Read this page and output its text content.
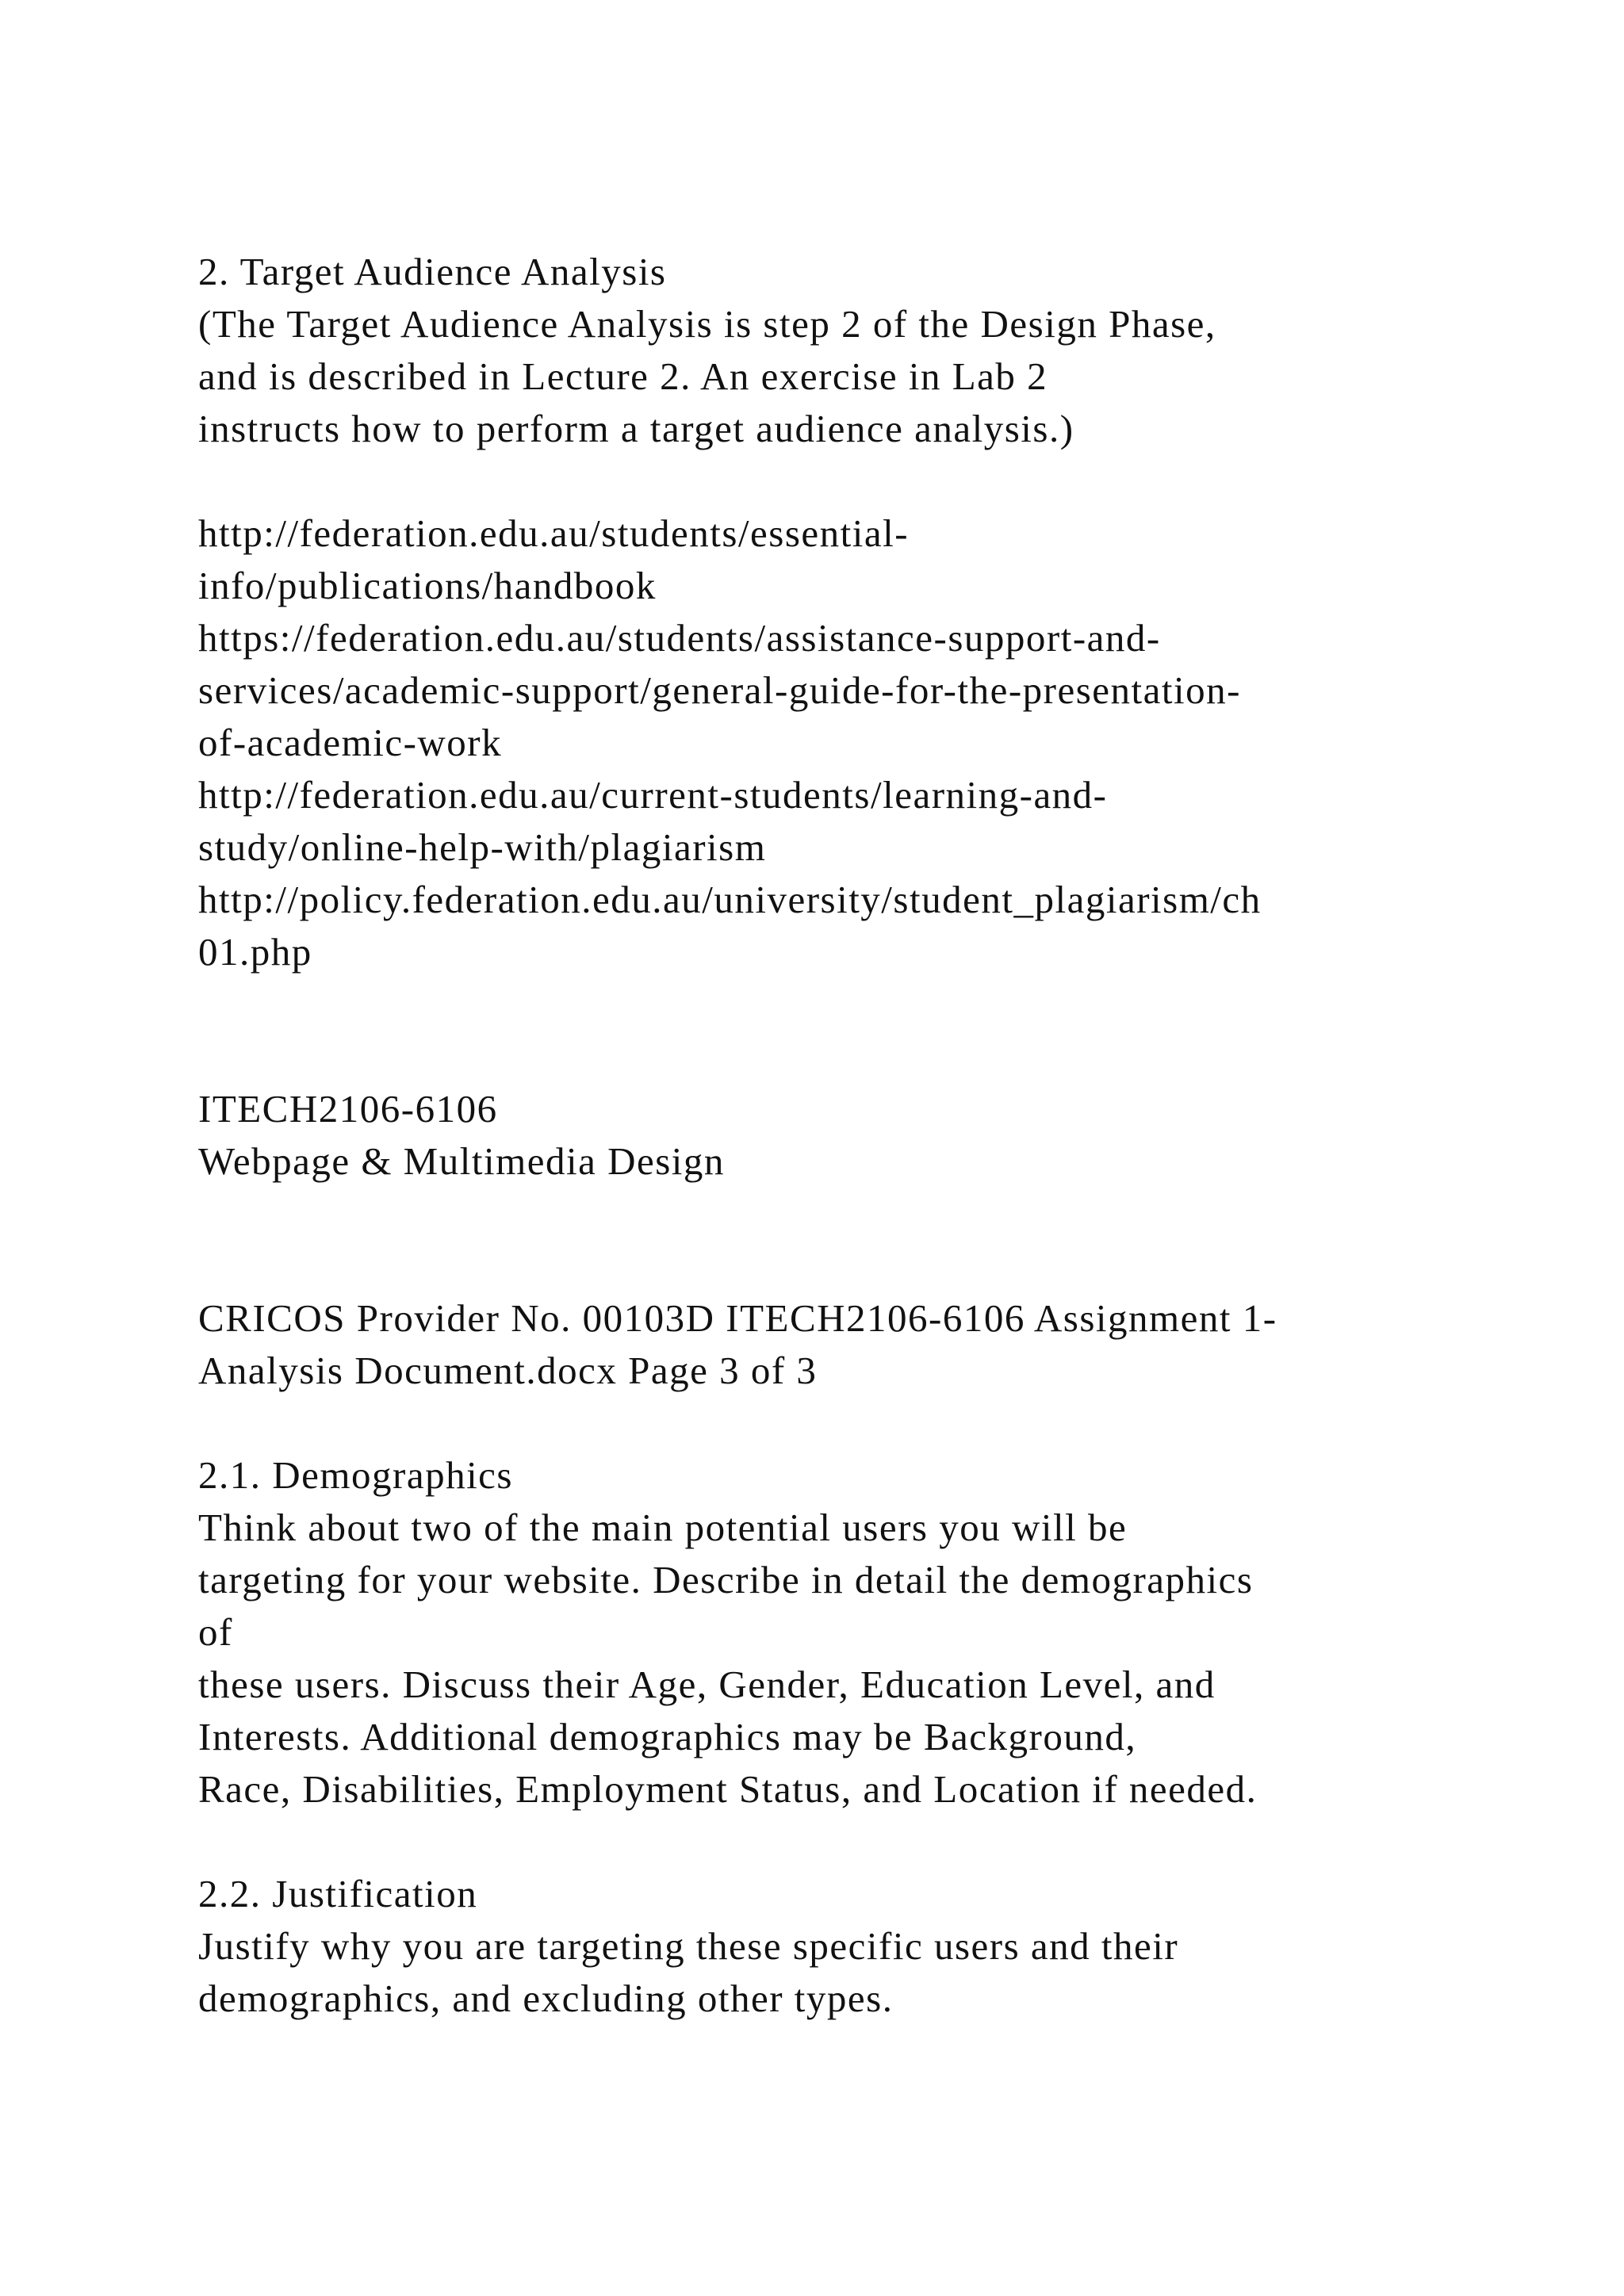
2. Target Audience Analysis
(The Target Audience Analysis is step 2 of the Design Phase,
and is described in Lecture 2. An exercise in Lab 2
instructs how to perform a target audience analysis.)
http://federation.edu.au/students/essential-
info/publications/handbook
https://federation.edu.au/students/assistance-support-and-
services/academic-support/general-guide-for-the-presentation-
of-academic-work
http://federation.edu.au/current-students/learning-and-
study/online-help-with/plagiarism
http://policy.federation.edu.au/university/student_plagiarism/ch
01.php
ITECH2106-6106
Webpage & Multimedia Design
CRICOS Provider No. 00103D ITECH2106-6106 Assignment 1-
Analysis Document.docx Page 3 of 3
2.1. Demographics
Think about two of the main potential users you will be
targeting for your website. Describe in detail the demographics
of
these users. Discuss their Age, Gender, Education Level, and
Interests. Additional demographics may be Background,
Race, Disabilities, Employment Status, and Location if needed.
2.2. Justification
Justify why you are targeting these specific users and their
demographics, and excluding other types.
